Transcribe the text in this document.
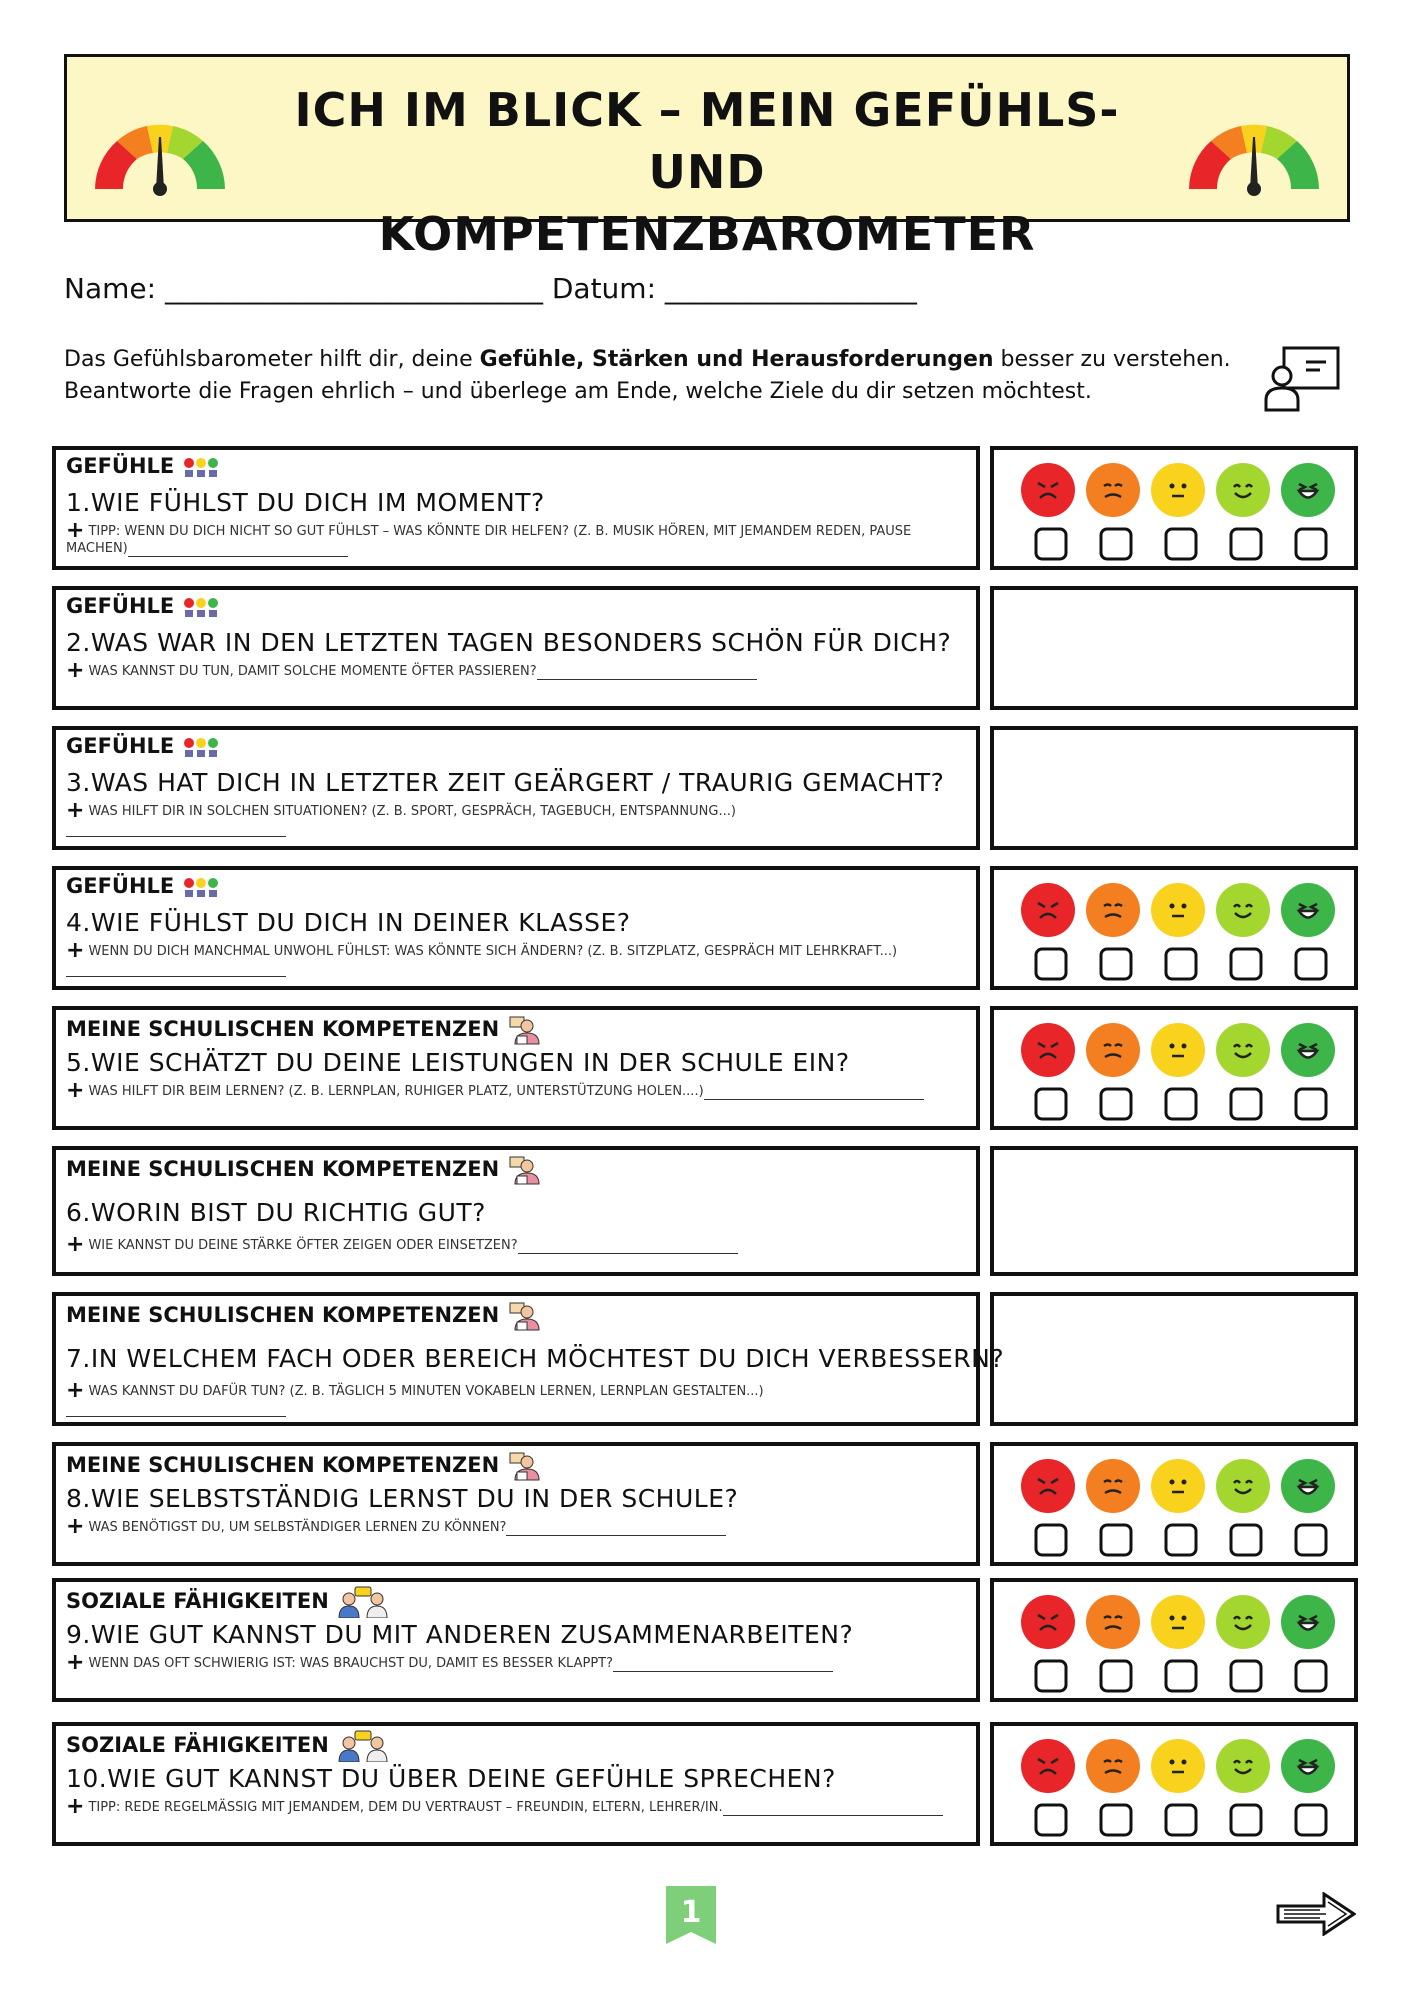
ICH IM BLICK – MEIN GEFÜHLS- UND
KOMPETENZBAROMETER
Name: ___________________________ Datum: __________________
Das Gefühlsbarometer hilft dir, deine Gefühle, Stärken und Herausforderungen besser zu verstehen. Beantworte die Fragen ehrlich – und überlege am Ende, welche Ziele du dir setzen möchtest.
GEFÜHLE
1.WIE FÜHLST DU DICH IM MOMENT?
+ TIPP: WENN DU DICH NICHT SO GUT FÜHLST – WAS KÖNNTE DIR HELFEN? (Z. B. MUSIK HÖREN, MIT JEMANDEM REDEN, PAUSE MACHEN)
GEFÜHLE
2.WAS WAR IN DEN LETZTEN TAGEN BESONDERS SCHÖN FÜR DICH?
+ WAS KANNST DU TUN, DAMIT SOLCHE MOMENTE ÖFTER PASSIEREN?
GEFÜHLE
3.WAS HAT DICH IN LETZTER ZEIT GEÄRGERT / TRAURIG GEMACHT?
+ WAS HILFT DIR IN SOLCHEN SITUATIONEN? (Z. B. SPORT, GESPRÄCH, TAGEBUCH, ENTSPANNUNG...)
GEFÜHLE
4.WIE FÜHLST DU DICH IN DEINER KLASSE?
+ WENN DU DICH MANCHMAL UNWOHL FÜHLST: WAS KÖNNTE SICH ÄNDERN? (Z. B. SITZPLATZ, GESPRÄCH MIT LEHRKRAFT...)
MEINE SCHULISCHEN KOMPETENZEN
5.WIE SCHÄTZT DU DEINE LEISTUNGEN IN DER SCHULE EIN?
+ WAS HILFT DIR BEIM LERNEN? (Z. B. LERNPLAN, RUHIGER PLATZ, UNTERSTÜTZUNG HOLEN....)
MEINE SCHULISCHEN KOMPETENZEN
6.WORIN BIST DU RICHTIG GUT?
+ WIE KANNST DU DEINE STÄRKE ÖFTER ZEIGEN ODER EINSETZEN?
MEINE SCHULISCHEN KOMPETENZEN
7.IN WELCHEM FACH ODER BEREICH MÖCHTEST DU DICH VERBESSERN?
+ WAS KANNST DU DAFÜR TUN? (Z. B. TÄGLICH 5 MINUTEN VOKABELN LERNEN, LERNPLAN GESTALTEN...)
MEINE SCHULISCHEN KOMPETENZEN
8.WIE SELBSTSTÄNDIG LERNST DU IN DER SCHULE?
+ WAS BENÖTIGST DU, UM SELBSTÄNDIGER LERNEN ZU KÖNNEN?
SOZIALE FÄHIGKEITEN
9.WIE GUT KANNST DU MIT ANDEREN ZUSAMMENARBEITEN?
+ WENN DAS OFT SCHWIERIG IST: WAS BRAUCHST DU, DAMIT ES BESSER KLAPPT?
SOZIALE FÄHIGKEITEN
10.WIE GUT KANNST DU ÜBER DEINE GEFÜHLE SPRECHEN?
+ TIPP: REDE REGELMÄSSIG MIT JEMANDEM, DEM DU VERTRAUST – FREUNDIN, ELTERN, LEHRER/IN.
1
